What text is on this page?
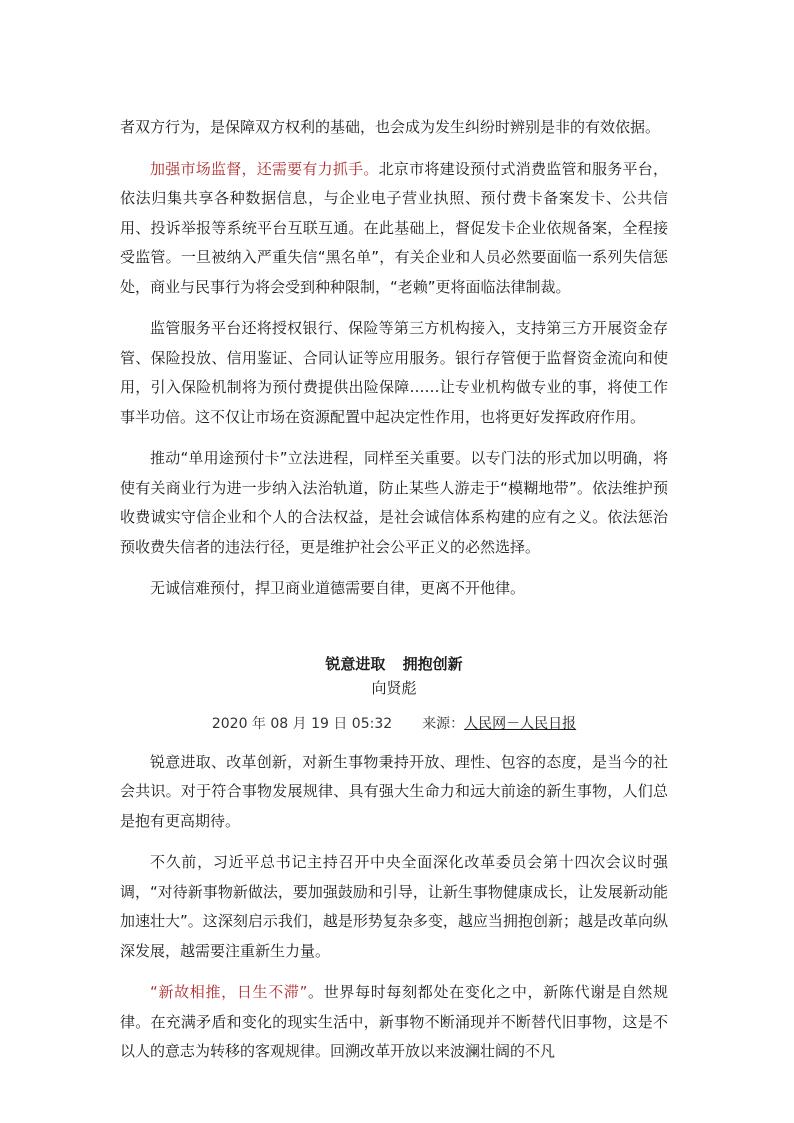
者双方行为，是保障双方权利的基础，也会成为发生纠纷时辨别是非的有效依据。

加强市场监督，还需要有力抓手。北京市将建设预付式消费监管和服务平台，依法归集共享各种数据信息，与企业电子营业执照、预付费卡备案发卡、公共信用、投诉举报等系统平台互联互通。在此基础上，督促发卡企业依规备案，全程接受监管。一旦被纳入严重失信“黑名单”，有关企业和人员必然要面临一系列失信惩处，商业与民事行为将会受到种种限制，“老赖”更将面临法律制裁。

监管服务平台还将授权银行、保险等第三方机构接入，支持第三方开展资金存管、保险投放、信用鉴证、合同认证等应用服务。银行存管便于监督资金流向和使用，引入保险机制将为预付费提供出险保障……让专业机构做专业的事，将使工作事半功倍。这不仅让市场在资源配置中起决定性作用，也将更好发挥政府作用。

推动“单用途预付卡”立法进程，同样至关重要。以专门法的形式加以明确，将使有关商业行为进一步纳入法治轨道，防止某些人游走于“模糊地带”。依法维护预收费诚实守信企业和个人的合法权益，是社会诚信体系构建的应有之义。依法惩治预收费失信者的违法行径，更是维护社会公平正义的必然选择。

无诚信难预付，捍卫商业道德需要自律，更离不开他律。

锐意进取 拥抱创新
向贤彪
2020 年 08 月 19 日 05:32 来源：人民网－人民日报

锐意进取、改革创新，对新生事物秉持开放、理性、包容的态度，是当今的社会共识。对于符合事物发展规律、具有强大生命力和远大前途的新生事物，人们总是抱有更高期待。

不久前，习近平总书记主持召开中央全面深化改革委员会第十四次会议时强调，“对待新事物新做法，要加强鼓励和引导，让新生事物健康成长，让发展新动能加速壮大”。这深刻启示我们，越是形势复杂多变，越应当拥抱创新；越是改革向纵深发展，越需要注重新生力量。

“新故相推，日生不滞”。世界每时每刻都处在变化之中，新陈代谢是自然规律。在充满矛盾和变化的现实生活中，新事物不断涌现并不断替代旧事物，这是不以人的意志为转移的客观规律。回溯改革开放以来波澜壮阔的不凡
